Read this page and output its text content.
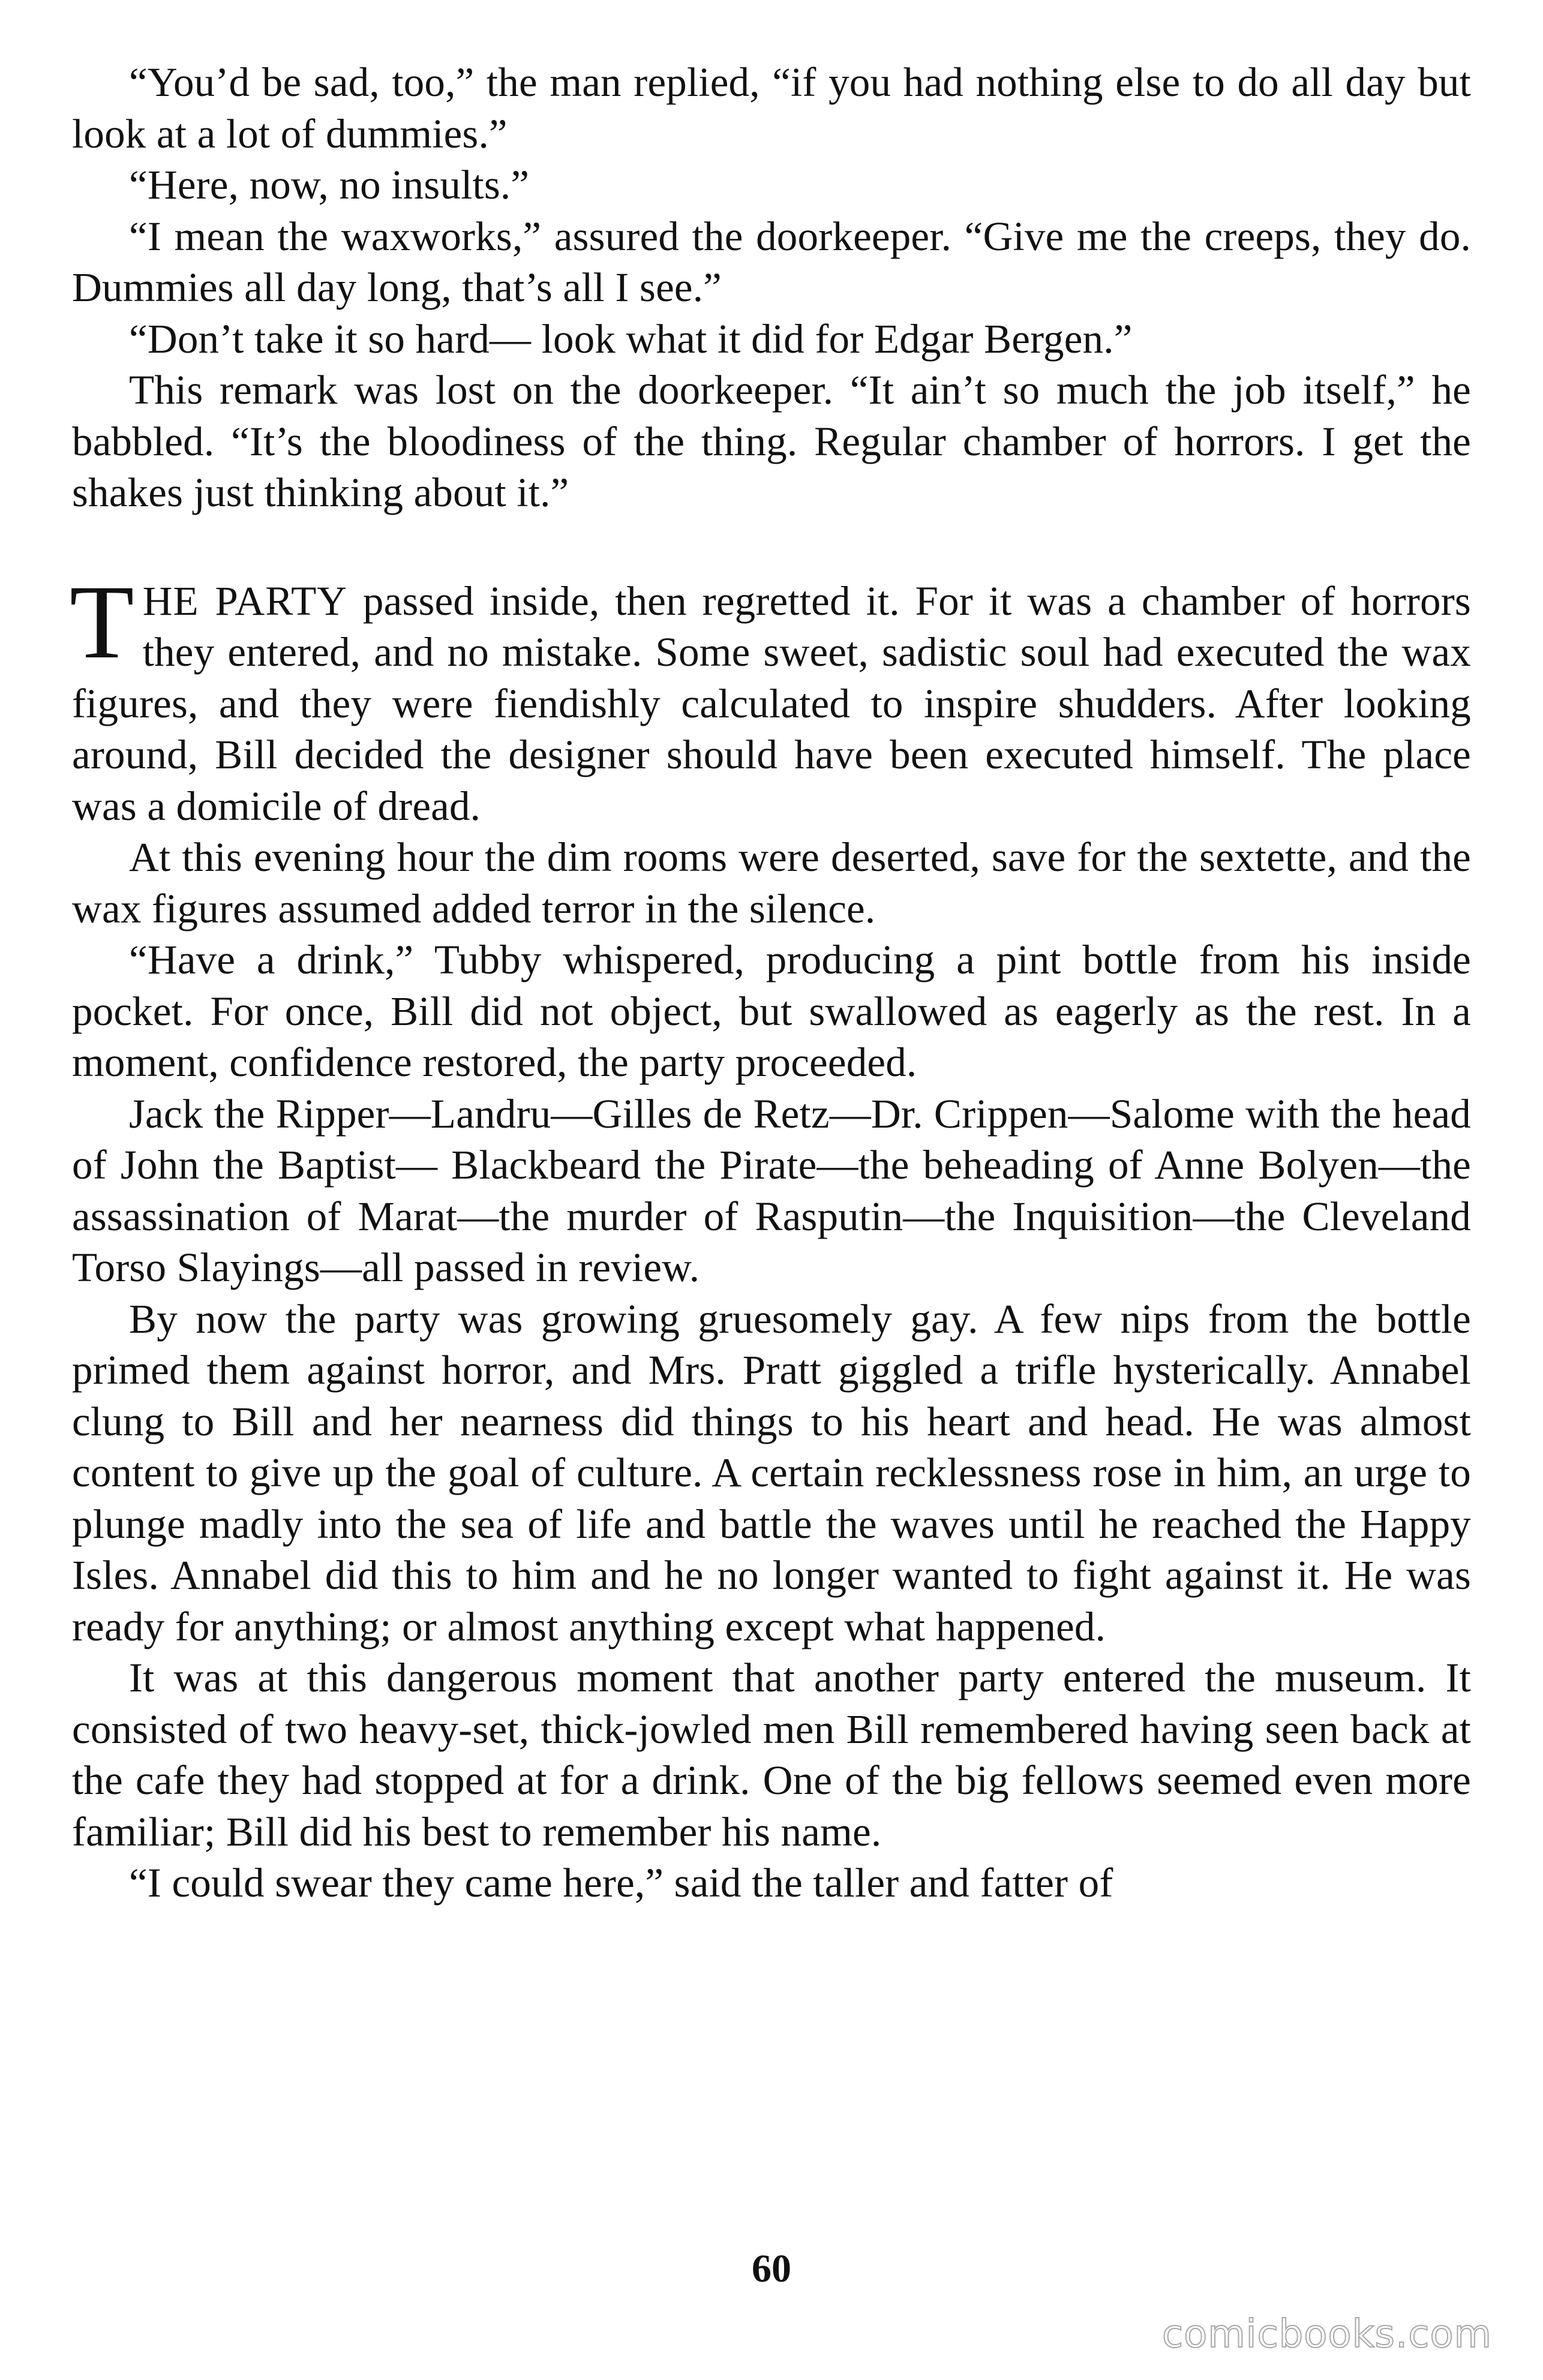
“You’d be sad, too,” the man replied, “if you had nothing else to do all day but look at a lot of dummies.”

“Here, now, no insults.”

“I mean the waxworks,” assured the doorkeeper. “Give me the creeps, they do. Dummies all day long, that’s all I see.”

“Don’t take it so hard— look what it did for Edgar Bergen.”

This remark was lost on the doorkeeper. “It ain’t so much the job itself,” he babbled. “It’s the bloodiness of the thing. Regular chamber of horrors. I get the shakes just thinking about it.”

THE PARTY passed inside, then regretted it. For it was a chamber of horrors they entered, and no mistake. Some sweet, sadistic soul had executed the wax figures, and they were fiendishly calculated to inspire shudders. After looking around, Bill decided the designer should have been executed himself. The place was a domicile of dread.

At this evening hour the dim rooms were deserted, save for the sextette, and the wax figures assumed added terror in the silence.

“Have a drink,” Tubby whispered, producing a pint bottle from his inside pocket. For once, Bill did not object, but swallowed as eagerly as the rest. In a moment, confidence restored, the party proceeded.

Jack the Ripper—Landru—Gilles de Retz—Dr. Crippen—Salome with the head of John the Baptist— Blackbeard the Pirate—the beheading of Anne Bolyen—the assassination of Marat—the murder of Rasputin—the Inquisition—the Cleveland Torso Slayings—all passed in review.

By now the party was growing gruesomely gay. A few nips from the bottle primed them against horror, and Mrs. Pratt giggled a trifle hysterically. Annabel clung to Bill and her nearness did things to his heart and head. He was almost content to give up the goal of culture. A certain recklessness rose in him, an urge to plunge madly into the sea of life and battle the waves until he reached the Happy Isles. Annabel did this to him and he no longer wanted to fight against it. He was ready for anything; or almost anything except what happened.

It was at this dangerous moment that another party entered the museum. It consisted of two heavy-set, thick-jowled men Bill remembered having seen back at the cafe they had stopped at for a drink. One of the big fellows seemed even more familiar; Bill did his best to remember his name.

“I could swear they came here,” said the taller and fatter of

60
comicbooks.com
